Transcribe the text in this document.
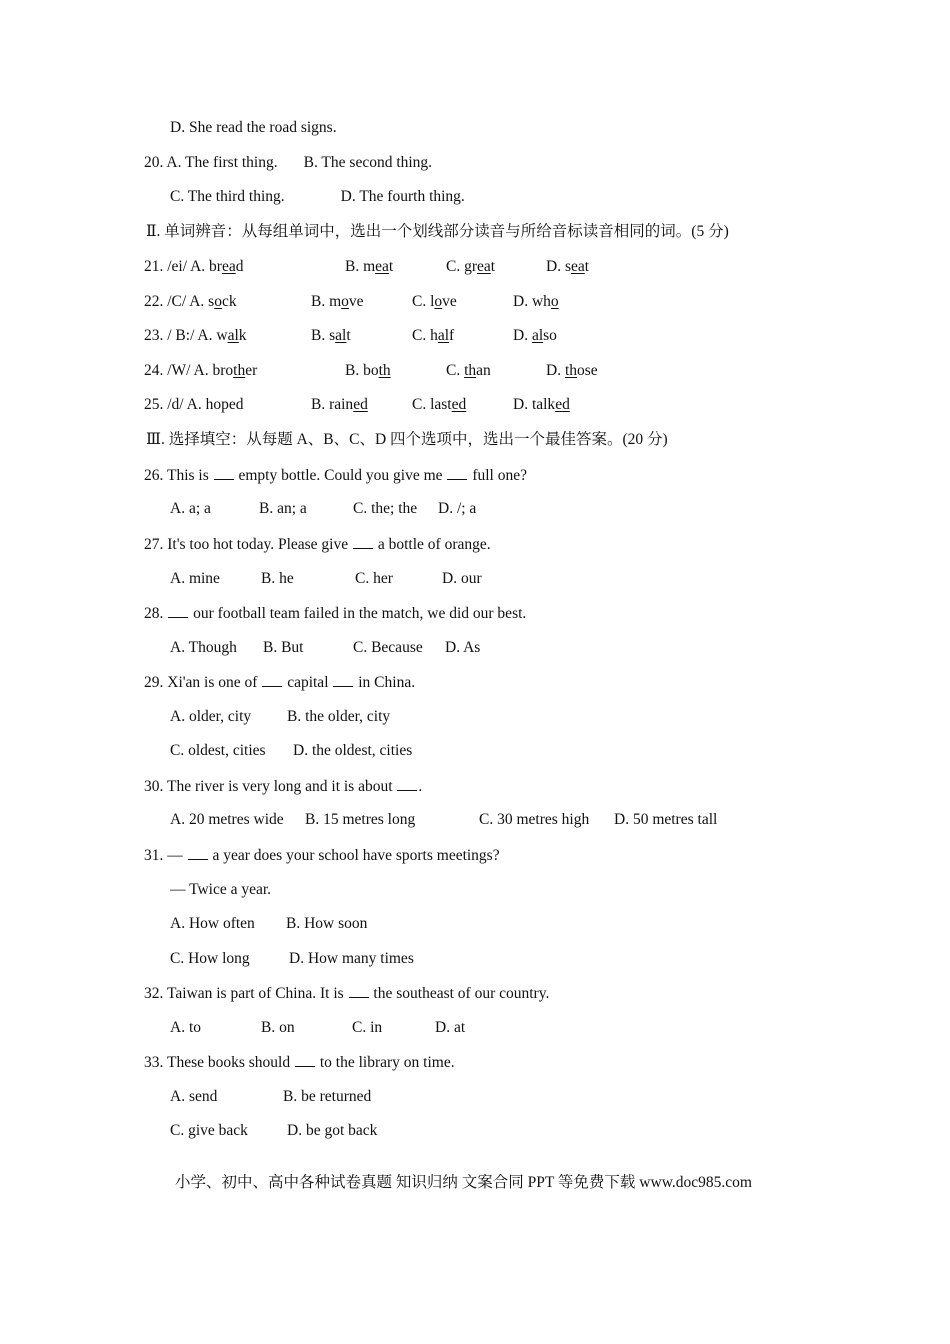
D. She read the road signs.
20. A. The first thing. B. The second thing.
C. The third thing.	D. The fourth thing.
Ⅱ. 单词辨音：从每组单词中，选出一个划线部分读音与所给音标读音相同的词。(5 分)
21. /ei/ A. bread	B. meat	C. great	D. seat
22. /C/ A. sock	B. move	C. love	D. who
23. / B:/ A. walk	B. salt	C. half	D. also
24. /W/ A. brother	B. both	C. than	D. those
25. /d/ A. hoped	B. rained	C. lasted	D. talked
Ⅲ. 选择填空：从每题 A、B、C、D 四个选项中，选出一个最佳答案。(20 分)
26. This is empty bottle. Could you give me full one?
A. a; a	B. an; a	C. the; the D. /; a
27. It's too hot today. Please give a bottle of orange.
A. mine	B. he	C. her	D. our
28. our football team failed in the match, we did our best.
A. Though B. But	C. Because D. As
29. Xi'an is one of capital in China.
A. older, city B. the older, city
C. oldest, cities D. the oldest, cities
30. The river is very long and it is about .
A. 20 metres wide B. 15 metres long	C. 30 metres high D. 50 metres tall
31. — a year does your school have sports meetings?
— Twice a year.
A. How often B. How soon
C. How long	D. How many times
32. Taiwan is part of China. It is the southeast of our country.
A. to	B. on	C. in	D. at
33. These books should to the library on time.
A. send	B. be returned
C. give back	D. be got back
小学、初中、高中各种试卷真题 知识归纳 文案合同 PPT 等免费下载 www.doc985.com
